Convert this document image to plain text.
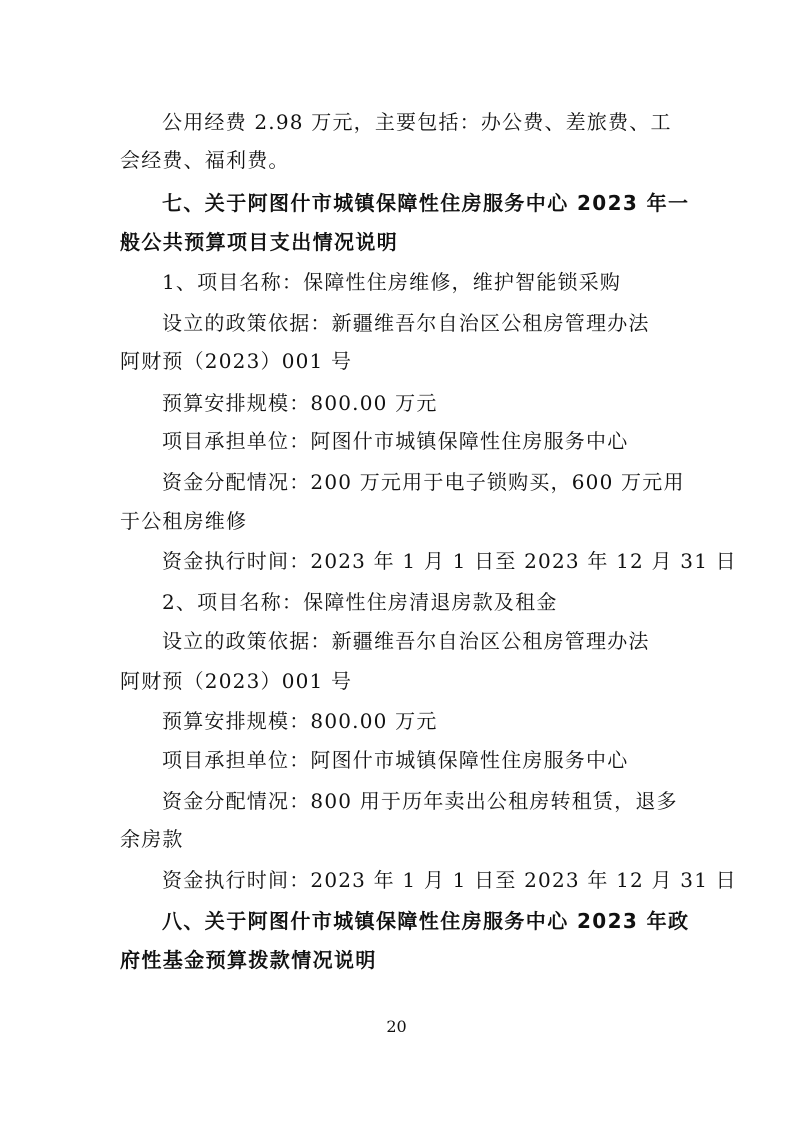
公用经费 2.98 万元，主要包括：办公费、差旅费、工
会经费、福利费。
七、关于阿图什市城镇保障性住房服务中心 2023 年一
般公共预算项目支出情况说明
1、项目名称：保障性住房维修，维护智能锁采购
设立的政策依据：新疆维吾尔自治区公租房管理办法
阿财预（2023）001 号
预算安排规模：800.00 万元
项目承担单位：阿图什市城镇保障性住房服务中心
资金分配情况：200 万元用于电子锁购买，600 万元用
于公租房维修
资金执行时间：2023 年 1 月 1 日至 2023 年 12 月 31 日
2、项目名称：保障性住房清退房款及租金
设立的政策依据：新疆维吾尔自治区公租房管理办法
阿财预（2023）001 号
预算安排规模：800.00 万元
项目承担单位：阿图什市城镇保障性住房服务中心
资金分配情况：800 用于历年卖出公租房转租赁，退多
余房款
资金执行时间：2023 年 1 月 1 日至 2023 年 12 月 31 日
八、关于阿图什市城镇保障性住房服务中心 2023 年政
府性基金预算拨款情况说明
20
